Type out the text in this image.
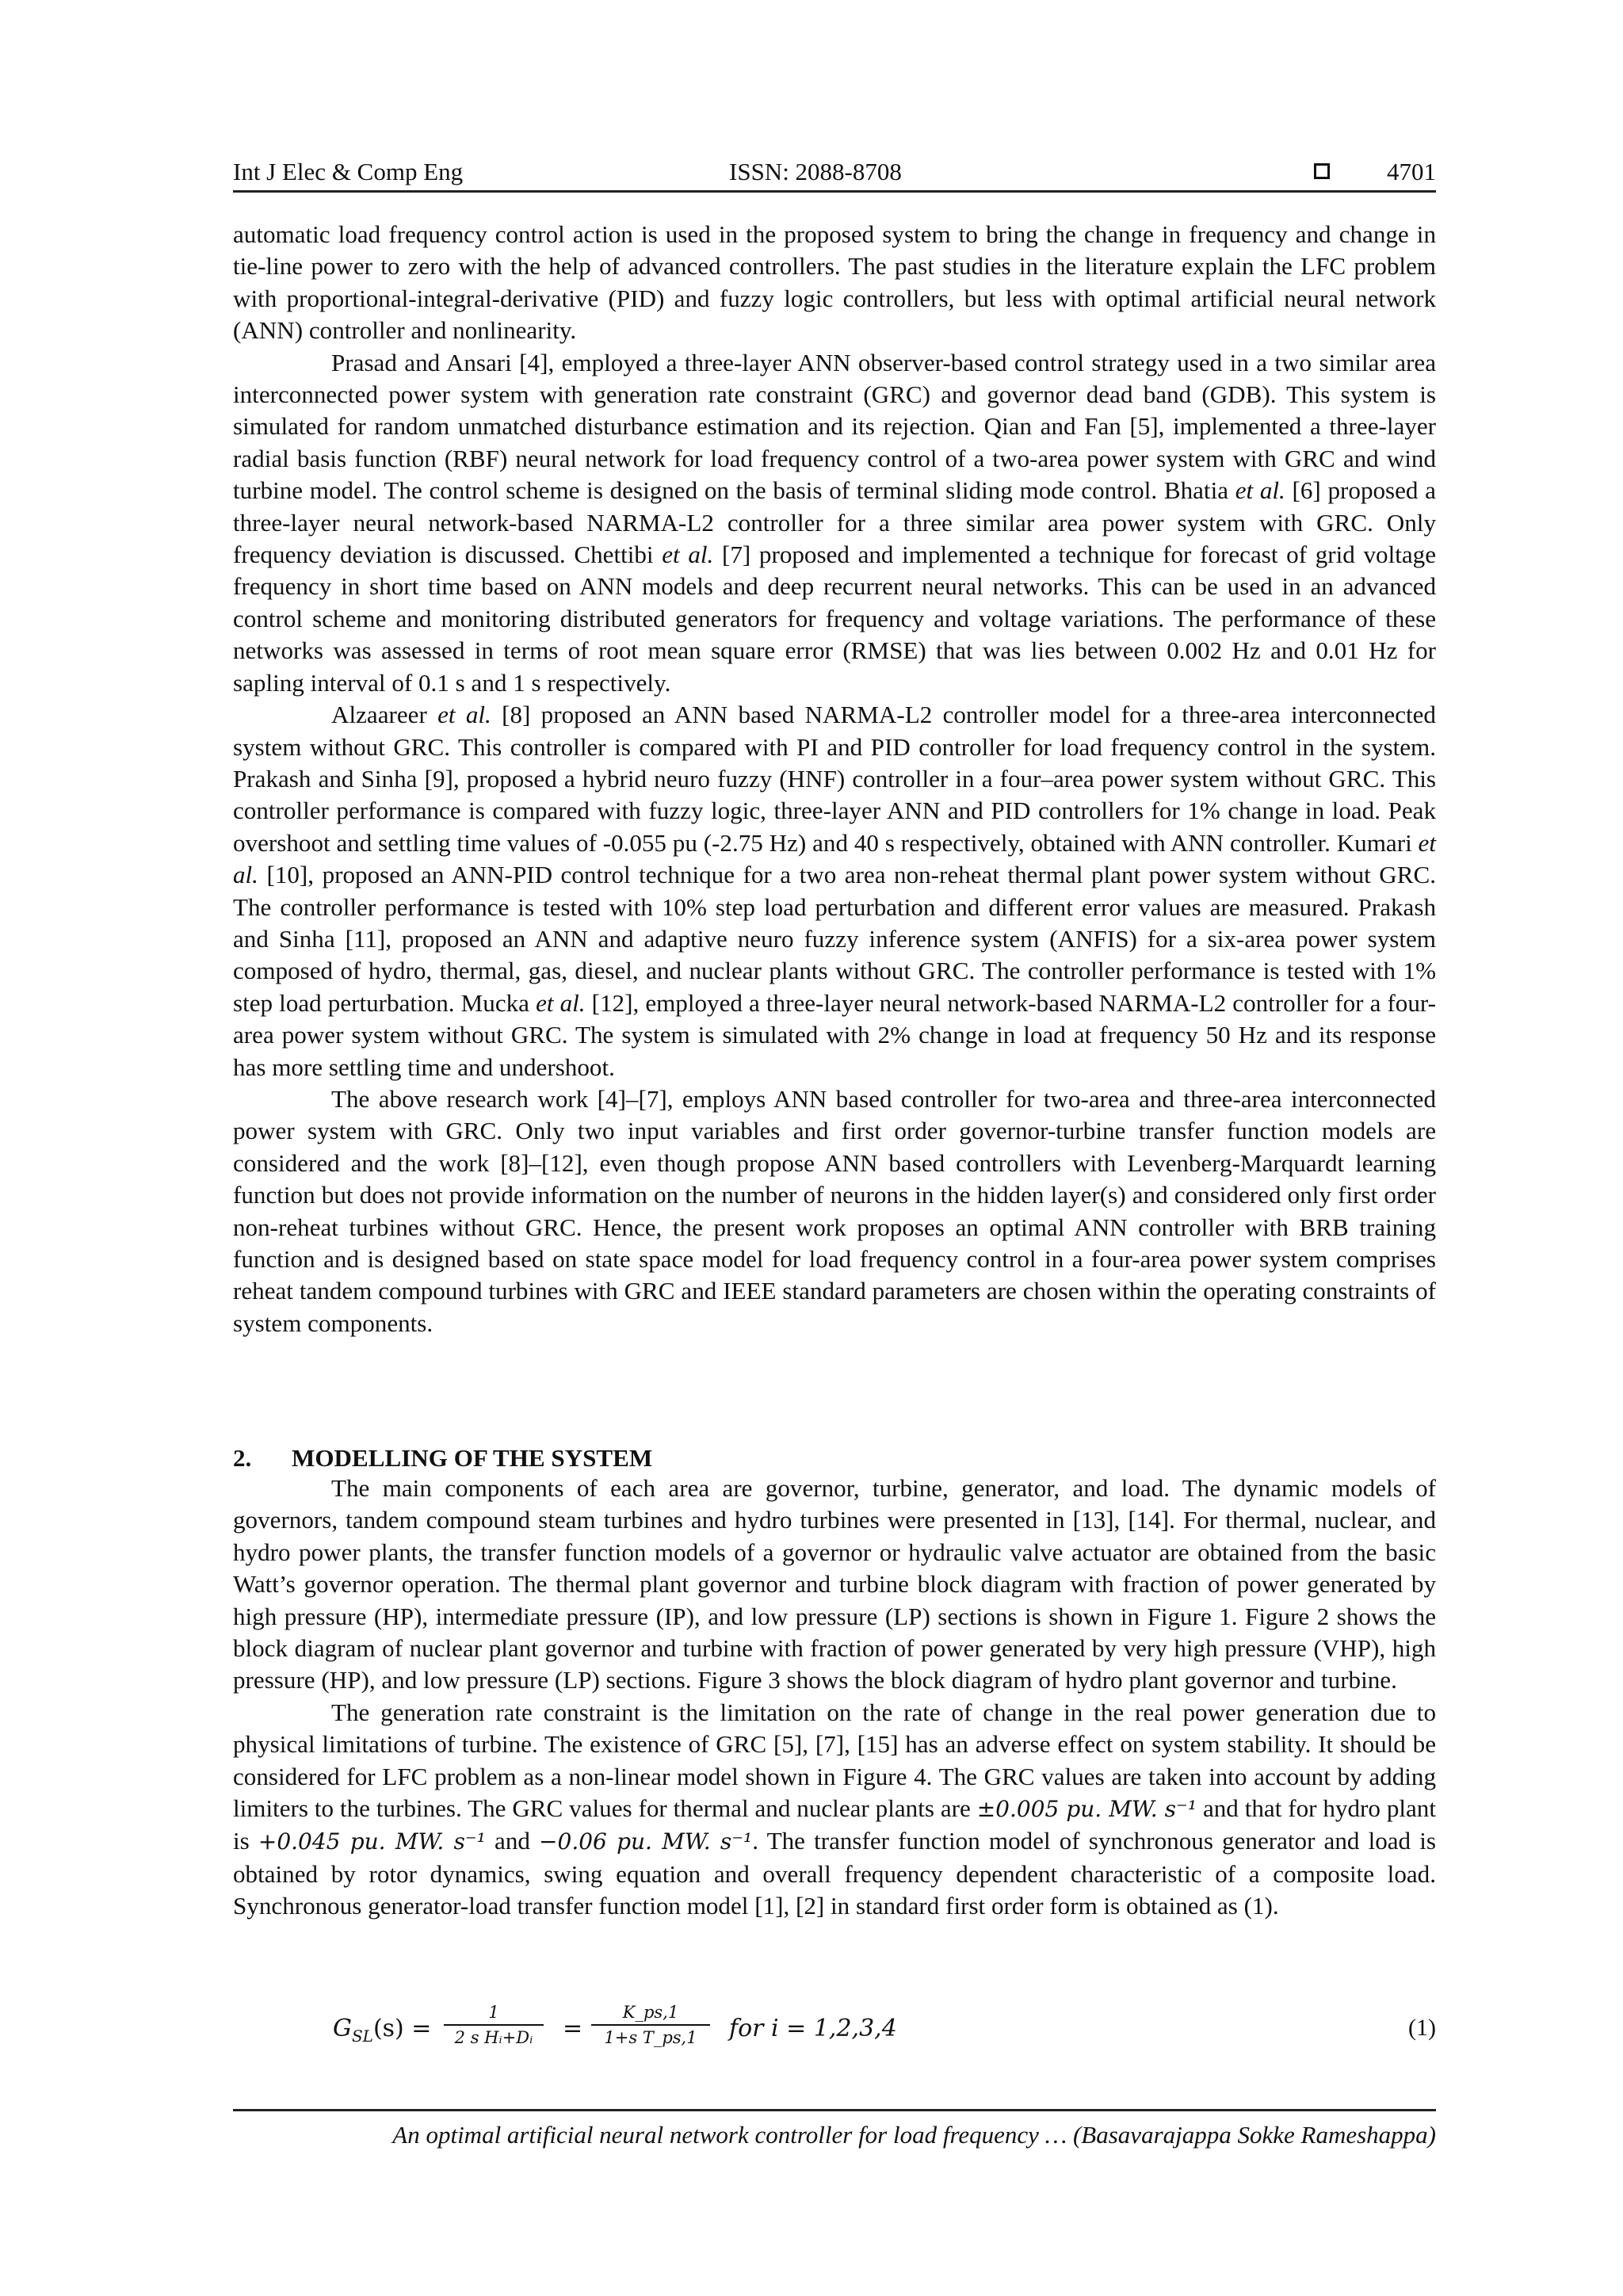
Int J Elec & Comp Eng	ISSN: 2088-8708	4701

automatic load frequency control action is used in the proposed system to bring the change in frequency and change in tie-line power to zero with the help of advanced controllers. The past studies in the literature explain the LFC problem with proportional-integral-derivative (PID) and fuzzy logic controllers, but less with optimal artificial neural network (ANN) controller and nonlinearity.

Prasad and Ansari [4], employed a three-layer ANN observer-based control strategy used in a two similar area interconnected power system with generation rate constraint (GRC) and governor dead band (GDB). This system is simulated for random unmatched disturbance estimation and its rejection. Qian and Fan [5], implemented a three-layer radial basis function (RBF) neural network for load frequency control of a two-area power system with GRC and wind turbine model. The control scheme is designed on the basis of terminal sliding mode control. Bhatia et al. [6] proposed a three-layer neural network-based NARMA-L2 controller for a three similar area power system with GRC. Only frequency deviation is discussed. Chettibi et al. [7] proposed and implemented a technique for forecast of grid voltage frequency in short time based on ANN models and deep recurrent neural networks. This can be used in an advanced control scheme and monitoring distributed generators for frequency and voltage variations. The performance of these networks was assessed in terms of root mean square error (RMSE) that was lies between 0.002 Hz and 0.01 Hz for sapling interval of 0.1 s and 1 s respectively.

Alzaareer et al. [8] proposed an ANN based NARMA-L2 controller model for a three-area interconnected system without GRC. This controller is compared with PI and PID controller for load frequency control in the system. Prakash and Sinha [9], proposed a hybrid neuro fuzzy (HNF) controller in a four–area power system without GRC. This controller performance is compared with fuzzy logic, three-layer ANN and PID controllers for 1% change in load. Peak overshoot and settling time values of -0.055 pu (-2.75 Hz) and 40 s respectively, obtained with ANN controller. Kumari et al. [10], proposed an ANN-PID control technique for a two area non-reheat thermal plant power system without GRC. The controller performance is tested with 10% step load perturbation and different error values are measured. Prakash and Sinha [11], proposed an ANN and adaptive neuro fuzzy inference system (ANFIS) for a six-area power system composed of hydro, thermal, gas, diesel, and nuclear plants without GRC. The controller performance is tested with 1% step load perturbation. Mucka et al. [12], employed a three-layer neural network-based NARMA-L2 controller for a four-area power system without GRC. The system is simulated with 2% change in load at frequency 50 Hz and its response has more settling time and undershoot.

The above research work [4]–[7], employs ANN based controller for two-area and three-area interconnected power system with GRC. Only two input variables and first order governor-turbine transfer function models are considered and the work [8]–[12], even though propose ANN based controllers with Levenberg-Marquardt learning function but does not provide information on the number of neurons in the hidden layer(s) and considered only first order non-reheat turbines without GRC. Hence, the present work proposes an optimal ANN controller with BRB training function and is designed based on state space model for load frequency control in a four-area power system comprises reheat tandem compound turbines with GRC and IEEE standard parameters are chosen within the operating constraints of system components.

2. MODELLING OF THE SYSTEM

The main components of each area are governor, turbine, generator, and load. The dynamic models of governors, tandem compound steam turbines and hydro turbines were presented in [13], [14]. For thermal, nuclear, and hydro power plants, the transfer function models of a governor or hydraulic valve actuator are obtained from the basic Watt’s governor operation. The thermal plant governor and turbine block diagram with fraction of power generated by high pressure (HP), intermediate pressure (IP), and low pressure (LP) sections is shown in Figure 1. Figure 2 shows the block diagram of nuclear plant governor and turbine with fraction of power generated by very high pressure (VHP), high pressure (HP), and low pressure (LP) sections. Figure 3 shows the block diagram of hydro plant governor and turbine.

The generation rate constraint is the limitation on the rate of change in the real power generation due to physical limitations of turbine. The existence of GRC [5], [7], [15] has an adverse effect on system stability. It should be considered for LFC problem as a non-linear model shown in Figure 4. The GRC values are taken into account by adding limiters to the turbines. The GRC values for thermal and nuclear plants are ±0.005 pu. MW. s⁻¹ and that for hydro plant is +0.045 pu. MW. s⁻¹ and −0.06 pu. MW. s⁻¹. The transfer function model of synchronous generator and load is obtained by rotor dynamics, swing equation and overall frequency dependent characteristic of a composite load. Synchronous generator-load transfer function model [1], [2] in standard first order form is obtained as (1).

$G_{SL}(s)$ =
1
2 s Hᵢ+Dᵢ	=
K_ps,1
1+s T_ps,1	for i = 1,2,3,4	(1)
An optimal artificial neural network controller for load frequency … (Basavarajappa Sokke Rameshappa)
